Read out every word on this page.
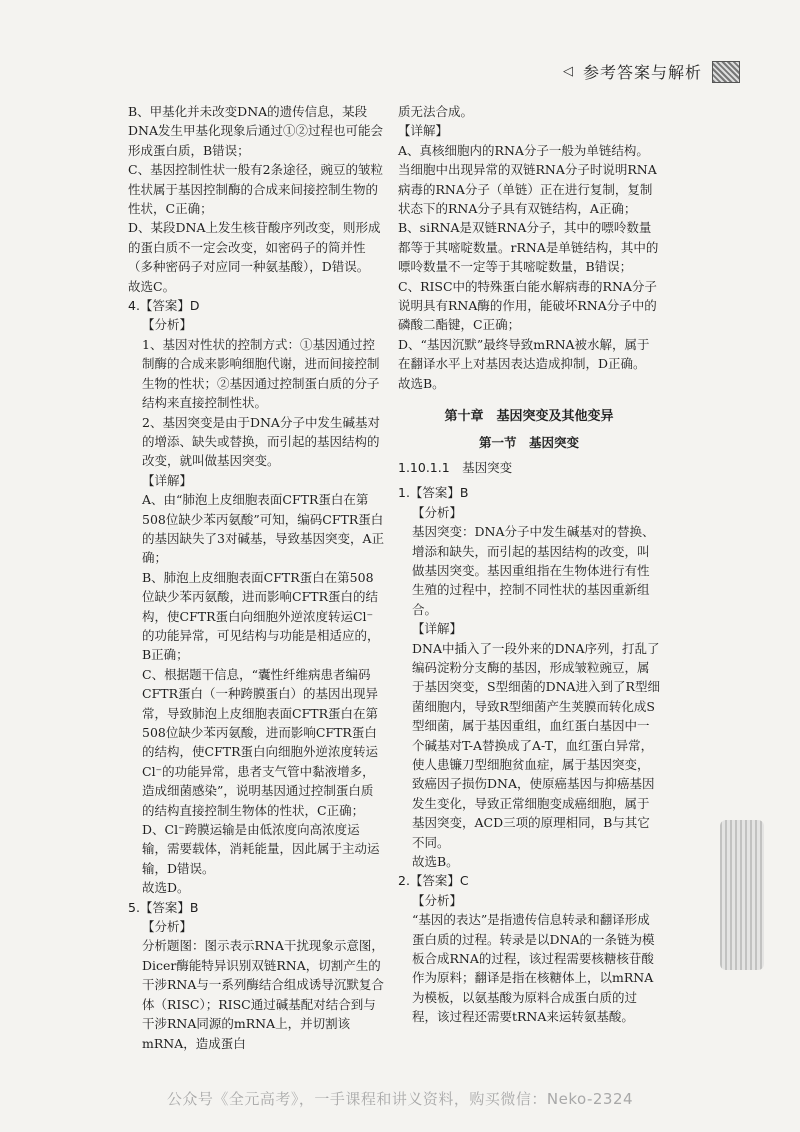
◁ 参考答案与解析

B、甲基化并未改变DNA的遗传信息，某段DNA发生甲基化现象后通过①②过程也可能会形成蛋白质，B错误；

C、基因控制性状一般有2条途径，豌豆的皱粒性状属于基因控制酶的合成来间接控制生物的性状，C正确；

D、某段DNA上发生核苷酸序列改变，则形成的蛋白质不一定会改变，如密码子的简并性（多种密码子对应同一种氨基酸），D错误。

故选C。

4.【答案】D

【分析】

1、基因对性状的控制方式：①基因通过控制酶的合成来影响细胞代谢，进而间接控制生物的性状；②基因通过控制蛋白质的分子结构来直接控制性状。

2、基因突变是由于DNA分子中发生碱基对的增添、缺失或替换，而引起的基因结构的改变，就叫做基因突变。

【详解】

A、由“肺泡上皮细胞表面CFTR蛋白在第508位缺少苯丙氨酸”可知，编码CFTR蛋白的基因缺失了3对碱基，导致基因突变，A正确；

B、肺泡上皮细胞表面CFTR蛋白在第508位缺少苯丙氨酸，进而影响CFTR蛋白的结构，使CFTR蛋白向细胞外逆浓度转运Cl⁻的功能异常，可见结构与功能是相适应的，B正确；

C、根据题干信息，“囊性纤维病患者编码CFTR蛋白（一种跨膜蛋白）的基因出现异常，导致肺泡上皮细胞表面CFTR蛋白在第508位缺少苯丙氨酸，进而影响CFTR蛋白的结构，使CFTR蛋白向细胞外逆浓度转运Cl⁻的功能异常，患者支气管中黏液增多，造成细菌感染”，说明基因通过控制蛋白质的结构直接控制生物体的性状，C正确；

D、Cl⁻跨膜运输是由低浓度向高浓度运输，需要载体，消耗能量，因此属于主动运输，D错误。

故选D。

5.【答案】B

【分析】

分析题图：图示表示RNA干扰现象示意图，Dicer酶能特异识别双链RNA，切割产生的干涉RNA与一系列酶结合组成诱导沉默复合体（RISC）；RISC通过碱基配对结合到与干涉RNA同源的mRNA上，并切割该mRNA，造成蛋白

质无法合成。

【详解】

A、真核细胞内的RNA分子一般为单链结构。当细胞中出现异常的双链RNA分子时说明RNA病毒的RNA分子（单链）正在进行复制，复制状态下的RNA分子具有双链结构，A正确；

B、siRNA是双链RNA分子，其中的嘌呤数量都等于其嘧啶数量。rRNA是单链结构，其中的嘌呤数量不一定等于其嘧啶数量，B错误；

C、RISC中的特殊蛋白能水解病毒的RNA分子说明具有RNA酶的作用，能破坏RNA分子中的磷酸二酯键，C正确；

D、“基因沉默”最终导致mRNA被水解，属于在翻译水平上对基因表达造成抑制，D正确。

故选B。

第十章　基因突变及其他变异
第一节　基因突变
1.10.1.1　基因突变

1.【答案】B

【分析】

基因突变：DNA分子中发生碱基对的替换、增添和缺失，而引起的基因结构的改变，叫做基因突变。基因重组指在生物体进行有性生殖的过程中，控制不同性状的基因重新组合。

【详解】

DNA中插入了一段外来的DNA序列，打乱了编码淀粉分支酶的基因，形成皱粒豌豆，属于基因突变，S型细菌的DNA进入到了R型细菌细胞内，导致R型细菌产生荚膜而转化成S型细菌，属于基因重组，血红蛋白基因中一个碱基对T-A替换成了A-T，血红蛋白异常，使人患镰刀型细胞贫血症，属于基因突变，致癌因子损伤DNA，使原癌基因与抑癌基因发生变化，导致正常细胞变成癌细胞，属于基因突变，ACD三项的原理相同，B与其它不同。

故选B。

2.【答案】C

【分析】

“基因的表达”是指遗传信息转录和翻译形成蛋白质的过程。转录是以DNA的一条链为模板合成RNA的过程，该过程需要核糖核苷酸作为原料；翻译是指在核糖体上，以mRNA为模板，以氨基酸为原料合成蛋白质的过程，该过程还需要tRNA来运转氨基酸。

公众号《全元高考》，一手课程和讲义资料，购买微信：Neko-2324
